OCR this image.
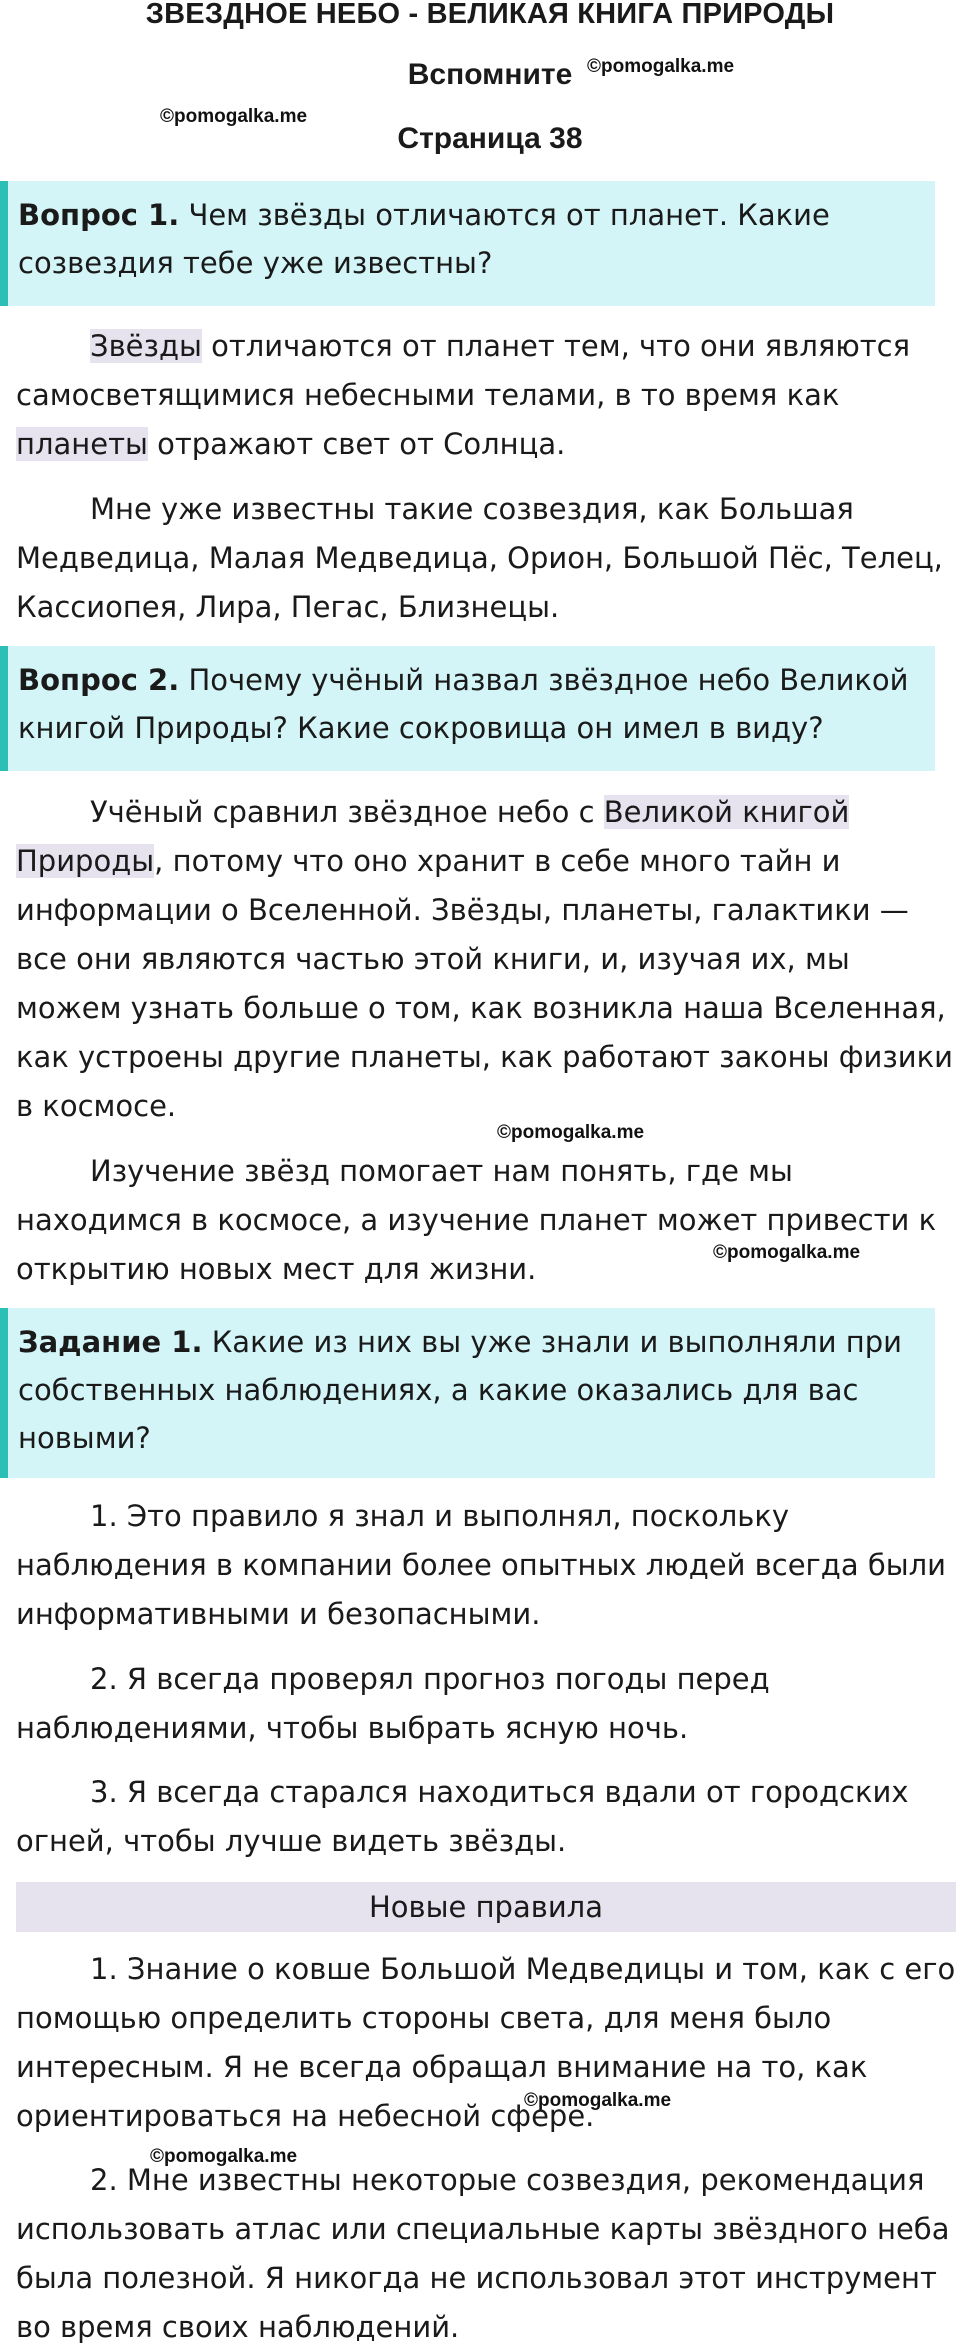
ЗВЕЗДНОЕ НЕБО - ВЕЛИКАЯ КНИГА ПРИРОДЫ
Вспомните
Страница 38
©pomogalka.me
©pomogalka.me
©pomogalka.me
©pomogalka.me
©pomogalka.me
©pomogalka.me
Вопрос 1. Чем звёзды отличаются от планет. Какие созвездия тебе уже известны?

Звёзды отличаются от планет тем, что они являются самосветящимися небесными телами, в то время как планеты отражают свет от Солнца.

Мне уже известны такие созвездия, как Большая Медведица, Малая Медведица, Орион, Большой Пёс, Телец, Кассиопея, Лира, Пегас, Близнецы.

Вопрос 2. Почему учёный назвал звёздное небо Великой книгой Природы? Какие сокровища он имел в виду?

Учёный сравнил звёздное небо с Великой книгой Природы, потому что оно хранит в себе много тайн и информации о Вселенной. Звёзды, планеты, галактики — все они являются частью этой книги, и, изучая их, мы можем узнать больше о том, как возникла наша Вселенная, как устроены другие планеты, как работают законы физики в космосе.

Изучение звёзд помогает нам понять, где мы находимся в космосе, а изучение планет может привести к открытию новых мест для жизни.

Задание 1. Какие из них вы уже знали и выполняли при собственных наблюдениях, а какие оказались для вас новыми?

1. Это правило я знал и выполнял, поскольку наблюдения в компании более опытных людей всегда были информативными и безопасными.

2. Я всегда проверял прогноз погоды перед наблюдениями, чтобы выбрать ясную ночь.

3. Я всегда старался находиться вдали от городских огней, чтобы лучше видеть звёзды.

Новые правила

1. Знание о ковше Большой Медведицы и том, как с его помощью определить стороны света, для меня было интересным. Я не всегда обращал внимание на то, как ориентироваться на небесной сфере.

2. Мне известны некоторые созвездия, рекомендация использовать атлас или специальные карты звёздного неба была полезной. Я никогда не использовал этот инструмент во время своих наблюдений.
